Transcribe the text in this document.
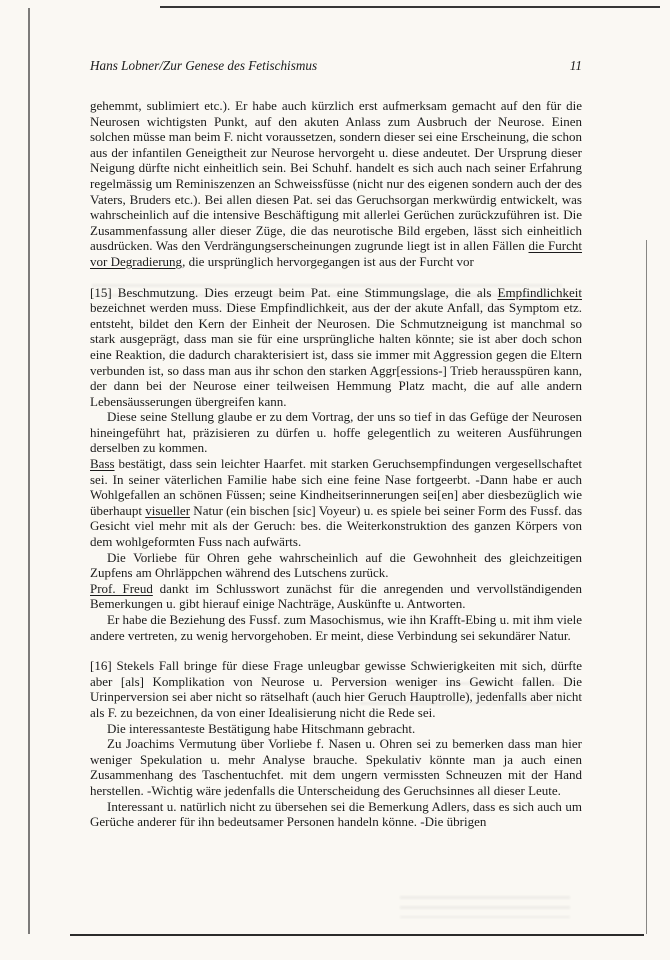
Hans Lobner/Zur Genese des Fetischismus	11

gehemmt, sublimiert etc.). Er habe auch kürzlich erst aufmerksam gemacht auf den für die Neurosen wichtigsten Punkt, auf den akuten Anlass zum Ausbruch der Neurose. Einen solchen müsse man beim F. nicht voraussetzen, sondern dieser sei eine Erscheinung, die schon aus der infantilen Geneigtheit zur Neurose hervorgeht u. diese andeutet. Der Ursprung dieser Neigung dürfte nicht einheitlich sein. Bei Schuhf. handelt es sich auch nach seiner Erfahrung regelmässig um Reminiszenzen an Schweissfüsse (nicht nur des eigenen sondern auch der des Vaters, Bruders etc.). Bei allen diesen Pat. sei das Geruchsorgan merkwürdig entwickelt, was wahrscheinlich auf die intensive Beschäftigung mit allerlei Gerüchen zurückzuführen ist. Die Zusammenfassung aller dieser Züge, die das neurotische Bild ergeben, lässt sich einheitlich ausdrücken. Was den Verdrängungserscheinungen zugrunde liegt ist in allen Fällen die Furcht vor Degradierung, die ursprünglich hervorgegangen ist aus der Furcht vor

[15] Beschmutzung. Dies erzeugt beim Pat. eine Stimmungslage, die als Empfindlichkeit bezeichnet werden muss. Diese Empfindlichkeit, aus der der akute Anfall, das Symptom etz. entsteht, bildet den Kern der Einheit der Neurosen. Die Schmutzneigung ist manchmal so stark ausgeprägt, dass man sie für eine ursprüngliche halten könnte; sie ist aber doch schon eine Reaktion, die dadurch charakterisiert ist, dass sie immer mit Aggression gegen die Eltern verbunden ist, so dass man aus ihr schon den starken Aggr[essions-] Trieb herausspüren kann, der dann bei der Neurose einer teilweisen Hemmung Platz macht, die auf alle andern Lebensäusserungen übergreifen kann.

Diese seine Stellung glaube er zu dem Vortrag, der uns so tief in das Gefüge der Neurosen hineingeführt hat, präzisieren zu dürfen u. hoffe gelegentlich zu weiteren Ausführungen derselben zu kommen.

Bass bestätigt, dass sein leichter Haarfet. mit starken Geruchsempfindungen vergesellschaftet sei. In seiner väterlichen Familie habe sich eine feine Nase fortgeerbt. -Dann habe er auch Wohlgefallen an schönen Füssen; seine Kindheitserinnerungen sei[en] aber diesbezüglich wie überhaupt visueller Natur (ein bischen [sic] Voyeur) u. es spiele bei seiner Form des Fussf. das Gesicht viel mehr mit als der Geruch: bes. die Weiterkonstruktion des ganzen Körpers von dem wohlgeformten Fuss nach aufwärts.

Die Vorliebe für Ohren gehe wahrscheinlich auf die Gewohnheit des gleichzeitigen Zupfens am Ohrläppchen während des Lutschens zurück.

Prof. Freud dankt im Schlusswort zunächst für die anregenden und vervollständigenden Bemerkungen u. gibt hierauf einige Nachträge, Auskünfte u. Antworten.

Er habe die Beziehung des Fussf. zum Masochismus, wie ihn Krafft-Ebing u. mit ihm viele andere vertreten, zu wenig hervorgehoben. Er meint, diese Verbindung sei sekundärer Natur.

[16] Stekels Fall bringe für diese Frage unleugbar gewisse Schwierigkeiten mit sich, dürfte aber [als] Komplikation von Neurose u. Perversion weniger ins Gewicht fallen. Die Urinperversion sei aber nicht so rätselhaft (auch hier Geruch Hauptrolle), jedenfalls aber nicht als F. zu bezeichnen, da von einer Idealisierung nicht die Rede sei.

Die interessanteste Bestätigung habe Hitschmann gebracht.

Zu Joachims Vermutung über Vorliebe f. Nasen u. Ohren sei zu bemerken dass man hier weniger Spekulation u. mehr Analyse brauche. Spekulativ könnte man ja auch einen Zusammenhang des Taschentuchfet. mit dem ungern vermissten Schneuzen mit der Hand herstellen. -Wichtig wäre jedenfalls die Unterscheidung des Geruchsinnes all dieser Leute.

Interessant u. natürlich nicht zu übersehen sei die Bemerkung Adlers, dass es sich auch um Gerüche anderer für ihn bedeutsamer Personen handeln könne. -Die übrigen
